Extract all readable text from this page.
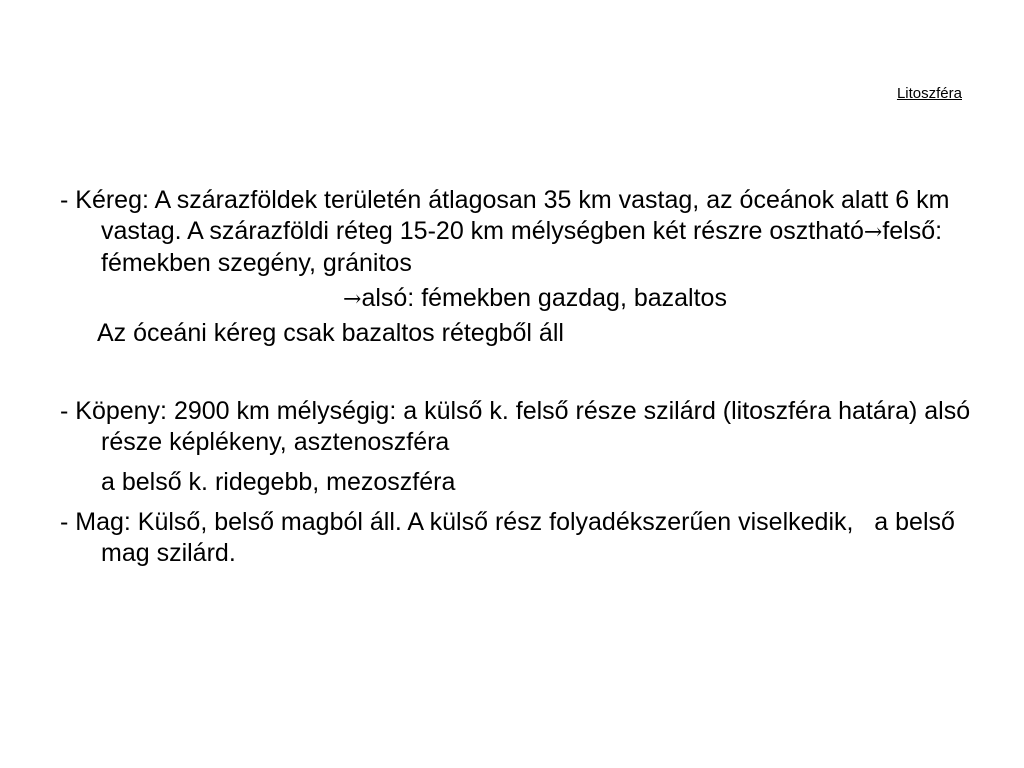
Litoszféra

- Kéreg: A szárazföldek területén átlagosan 35 km vastag, az óceánok alatt 6 km vastag. A szárazföldi réteg 15-20 km mélységben két részre osztható→felső: fémekben szegény, gránitos

→alsó: fémekben gazdag, bazaltos

Az óceáni kéreg csak bazaltos rétegből áll

- Köpeny: 2900 km mélységig: a külső k. felső része szilárd (litoszféra határa) alsó része képlékeny, asztenoszféra

a belső k. ridegebb, mezoszféra

- Mag: Külső, belső magból áll. A külső rész folyadékszerűen viselkedik,   a belső mag szilárd.
